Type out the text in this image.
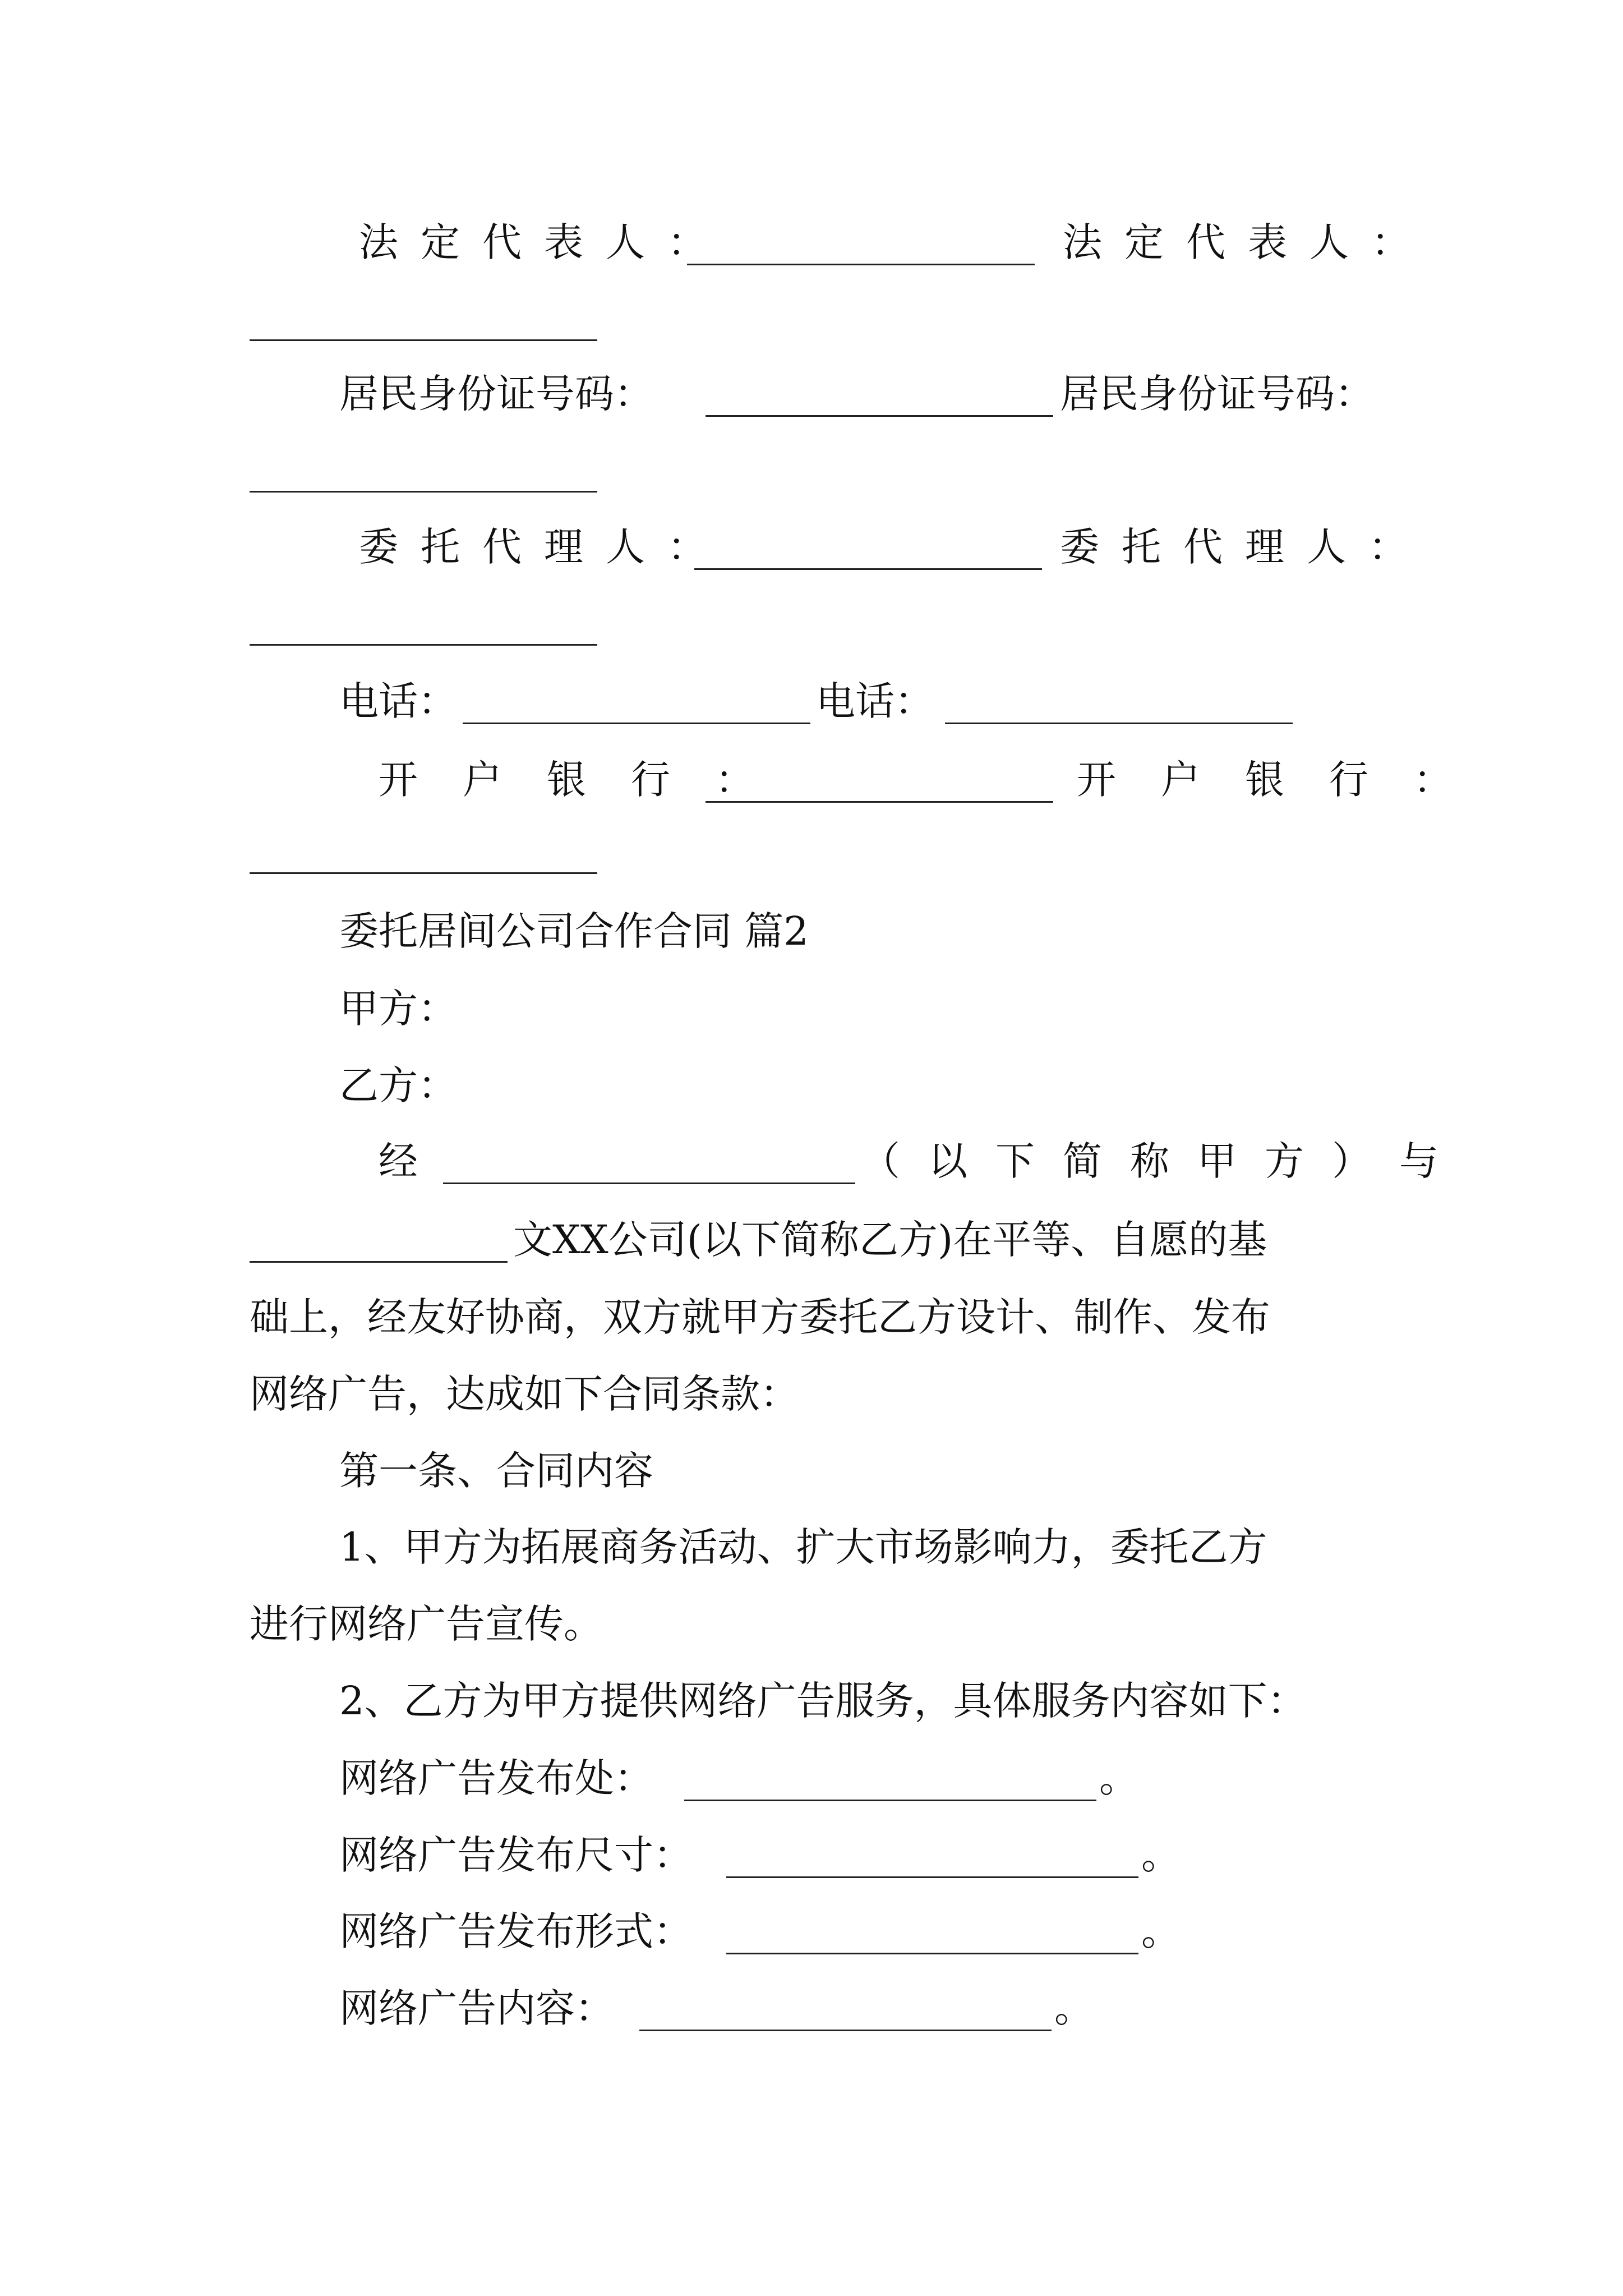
法定代表人：	法定代表人：
居民身份证号码：	居民身份证号码：
委托代理人：	委托代理人：
电话：	电话：
开户银行：	开户银行：
委托居间公司合作合同 篇2
甲方：
乙方：
经	（以下简称甲方）与
文XX公司(以下简称乙方)在平等、自愿的基
础上，经友好协商，双方就甲方委托乙方设计、制作、发布
网络广告，达成如下合同条款：
第一条、合同内容
1、甲方为拓展商务活动、扩大市场影响力，委托乙方
进行网络广告宣传。
2、乙方为甲方提供网络广告服务，具体服务内容如下：
网络广告发布处：	。
网络广告发布尺寸：	。
网络广告发布形式：	。
网络广告内容：	。
